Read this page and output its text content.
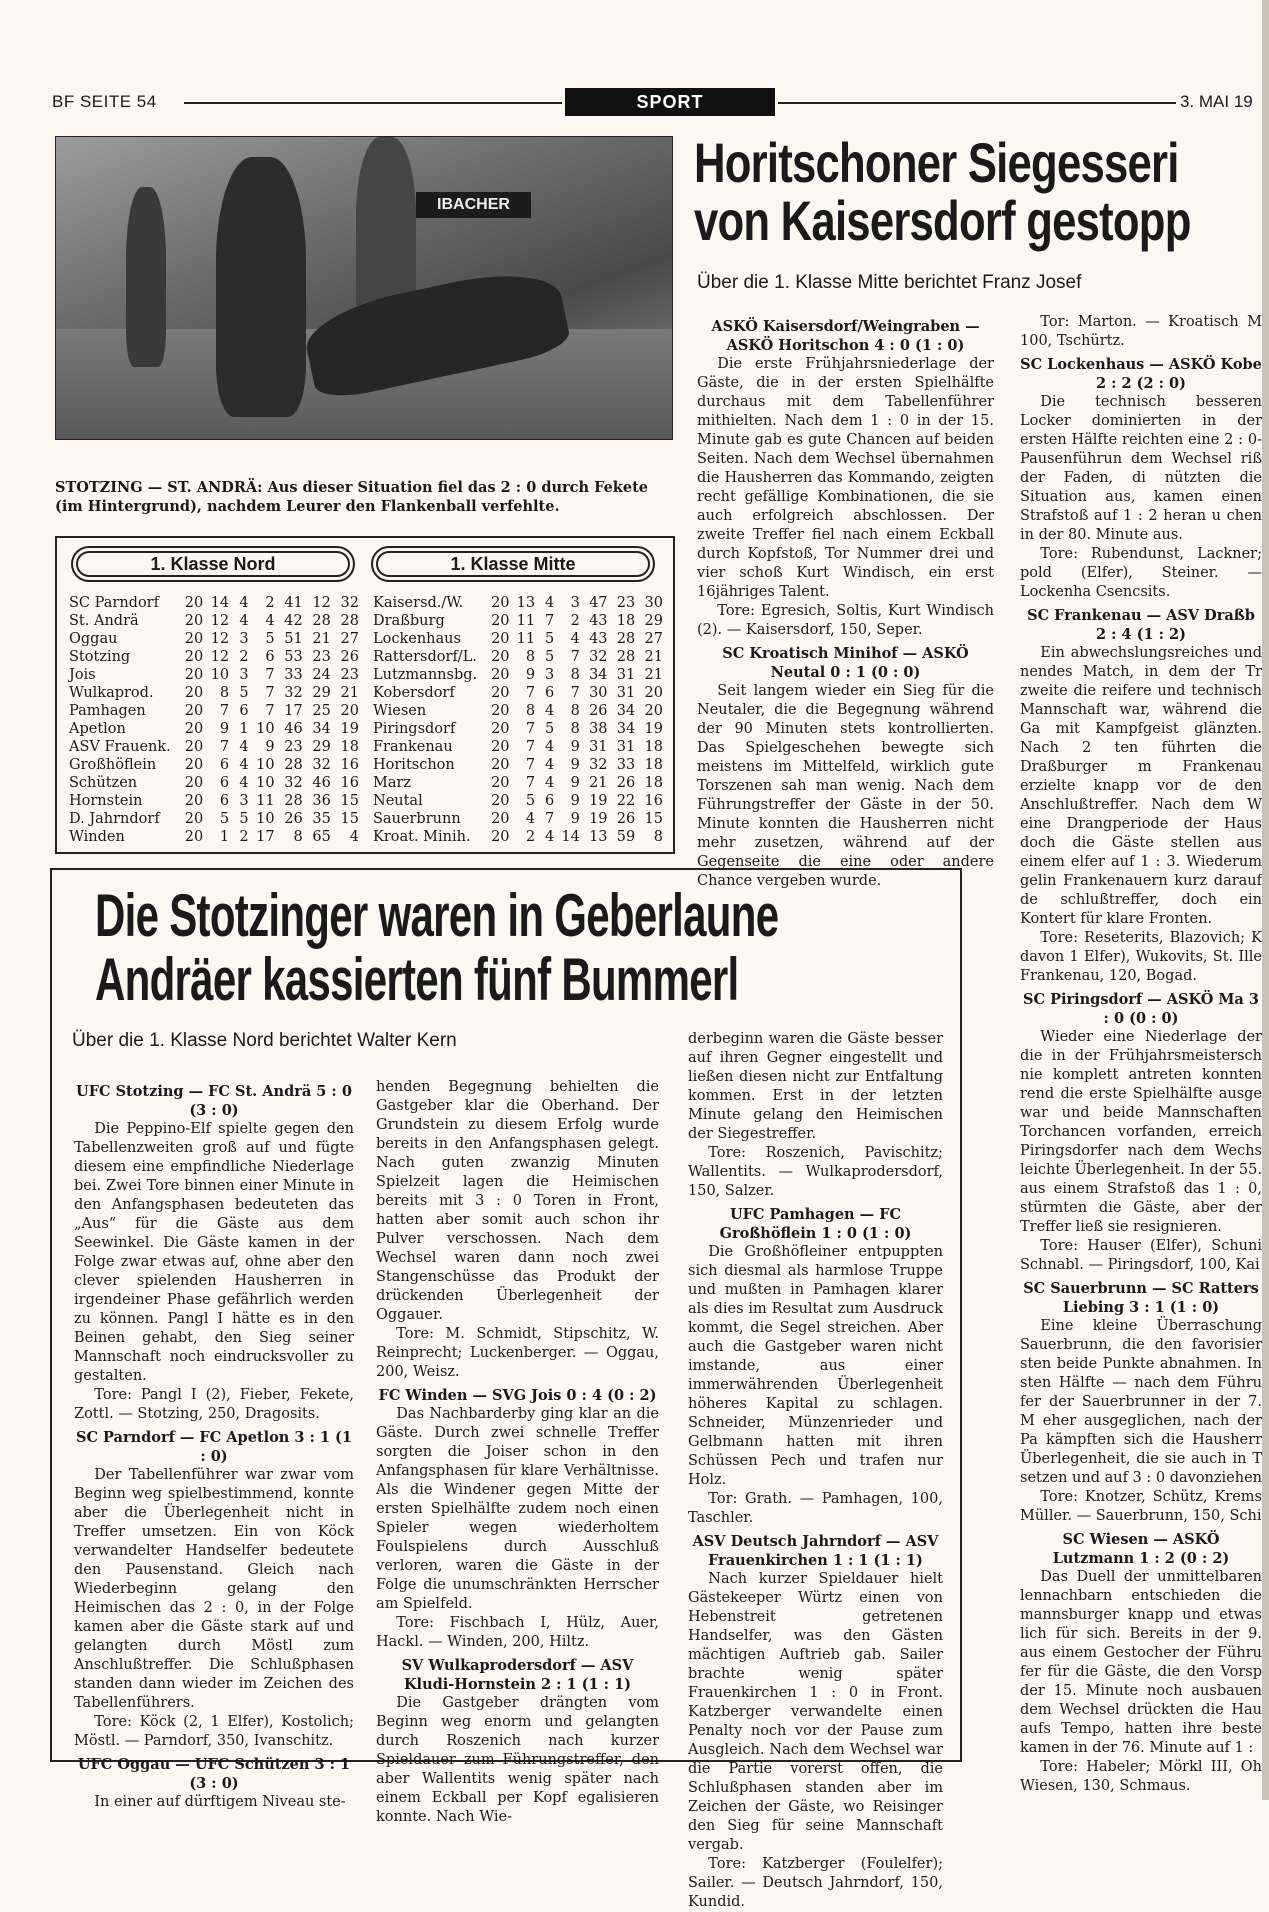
BF SEITE 54	SPORT	3. MAI 19
IBACHER
STOTZING — ST. ANDRÄ: Aus dieser Situation fiel das 2 : 0 durch Fekete (im Hintergrund), nachdem Leurer den Flankenball verfehlte.
1. Klasse Nord	1. Klasse Mitte
SC Parndorf	20	14	4	2	41	12	32
St. Andrä	20	12	4	4	42	28	28
Oggau	20	12	3	5	51	21	27
Stotzing	20	12	2	6	53	23	26
Jois	20	10	3	7	33	24	23
Wulkaprod.	20	8	5	7	32	29	21
Pamhagen	20	7	6	7	17	25	20
Apetlon	20	9	1	10	46	34	19
ASV Frauenk.	20	7	4	9	23	29	18
Großhöflein	20	6	4	10	28	32	16
Schützen	20	6	4	10	32	46	16
Hornstein	20	6	3	11	28	36	15
D. Jahrndorf	20	5	5	10	26	35	15
Winden	20	1	2	17	8	65	4
Kaisersd./W.	20	13	4	3	47	23	30
Draßburg	20	11	7	2	43	18	29
Lockenhaus	20	11	5	4	43	28	27
Rattersdorf/L.	20	8	5	7	32	28	21
Lutzmannsbg.	20	9	3	8	34	31	21
Kobersdorf	20	7	6	7	30	31	20
Wiesen	20	8	4	8	26	34	20
Piringsdorf	20	7	5	8	38	34	19
Frankenau	20	7	4	9	31	31	18
Horitschon	20	7	4	9	32	33	18
Marz	20	7	4	9	21	26	18
Neutal	20	5	6	9	19	22	16
Sauerbrunn	20	4	7	9	19	26	15
Kroat. Minih.	20	2	4	14	13	59	8
Horitschoner Siegesseri
von Kaisersdorf gestopp
Über die 1. Klasse Mitte berichtet Franz Josef

ASKÖ Kaisersdorf/Weingraben — ASKÖ Horitschon 4 : 0 (1 : 0)

Die erste Frühjahrsniederlage der Gäste, die in der ersten Spielhälfte durchaus mit dem Tabellenführer mithielten. Nach dem 1 : 0 in der 15. Minute gab es gute Chancen auf beiden Seiten. Nach dem Wechsel übernahmen die Hausherren das Kommando, zeigten recht gefällige Kombinationen, die sie auch erfolgreich abschlossen. Der zweite Treffer fiel nach einem Eckball durch Kopfstoß, Tor Nummer drei und vier schoß Kurt Windisch, ein erst 16jähriges Talent.

Tore: Egresich, Soltis, Kurt Windisch (2). — Kaisersdorf, 150, Seper.

SC Kroatisch Minihof — ASKÖ Neutal 0 : 1 (0 : 0)

Seit langem wieder ein Sieg für die Neutaler, die die Begegnung während der 90 Minuten stets kontrollierten. Das Spielgeschehen bewegte sich meistens im Mittelfeld, wirklich gute Torszenen sah man wenig. Nach dem Führungstreffer der Gäste in der 50. Minute konnten die Hausherren nicht mehr zusetzen, während auf der Gegenseite die eine oder andere Chance vergeben wurde.

Tor: Marton. — Kroatisch M 100, Tschürtz.

SC Lockenhaus — ASKÖ Kobe 2 : 2 (2 : 0)

Die technisch besseren Locker dominierten in der ersten Hälfte reichten eine 2 : 0-Pausenführun dem Wechsel riß der Faden, di nützten die Situation aus, kamen einen Strafstoß auf 1 : 2 heran u chen in der 80. Minute aus.

Tore: Rubendunst, Lackner; pold (Elfer), Steiner. — Lockenha Csencsits.

SC Frankenau — ASV Draßb 2 : 4 (1 : 2)

Ein abwechslungsreiches und nendes Match, in dem der Tr zweite die reifere und technisch Mannschaft war, während die Ga mit Kampfgeist glänzten. Nach 2 ten führten die Draßburger m Frankenau erzielte knapp vor de den Anschlußtreffer. Nach dem W eine Drangperiode der Haus doch die Gäste stellen aus einem elfer auf 1 : 3. Wiederum gelin Frankenauern kurz darauf de schlußtreffer, doch ein Kontert für klare Fronten.

Tore: Reseterits, Blazovich; K davon 1 Elfer), Wukovits, St. Ille Frankenau, 120, Bogad.

SC Piringsdorf — ASKÖ Ma 3 : 0 (0 : 0)

Wieder eine Niederlage der die in der Frühjahrsmeistersch nie komplett antreten konnten rend die erste Spielhälfte ausge war und beide Mannschaften Torchancen vorfanden, erreich Piringsdorfer nach dem Wechs leichte Überlegenheit. In der 55. aus einem Strafstoß das 1 : 0, stürmten die Gäste, aber der Treffer ließ sie resignieren.

Tore: Hauser (Elfer), Schuni Schnabl. — Piringsdorf, 100, Kai

SC Sauerbrunn — SC Ratters Liebing 3 : 1 (1 : 0)

Eine kleine Überraschung Sauerbrunn, die den favorisier sten beide Punkte abnahmen. In sten Hälfte — nach dem Führu fer der Sauerbrunner in der 7. M eher ausgeglichen, nach der Pa kämpften sich die Hausherr Überlegenheit, die sie auch in T setzen und auf 3 : 0 davonziehen

Tore: Knotzer, Schütz, Krems Müller. — Sauerbrunn, 150, Schi

SC Wiesen — ASKÖ Lutzmann 1 : 2 (0 : 2)

Das Duell der unmittelbaren lennachbarn entschieden die mannsburger knapp und etwas lich für sich. Bereits in der 9. aus einem Gestocher der Führu fer für die Gäste, die den Vorsp der 15. Minute noch ausbauen dem Wechsel drückten die Hau aufs Tempo, hatten ihre beste kamen in der 76. Minute auf 1 :

Tore: Habeler; Mörkl III, Oh Wiesen, 130, Schmaus.

Die Stotzinger waren in Geberlaune
Andräer kassierten fünf Bummerl
Über die 1. Klasse Nord berichtet Walter Kern

UFC Stotzing — FC St. Andrä 5 : 0 (3 : 0)

Die Peppino-Elf spielte gegen den Tabellenzweiten groß auf und fügte diesem eine empfindliche Niederlage bei. Zwei Tore binnen einer Minute in den Anfangsphasen bedeuteten das „Aus“ für die Gäste aus dem Seewinkel. Die Gäste kamen in der Folge zwar etwas auf, ohne aber den clever spielenden Hausherren in irgendeiner Phase gefährlich werden zu können. Pangl I hätte es in den Beinen gehabt, den Sieg seiner Mannschaft noch eindrucksvoller zu gestalten.

Tore: Pangl I (2), Fieber, Fekete, Zottl. — Stotzing, 250, Dragosits.

SC Parndorf — FC Apetlon 3 : 1 (1 : 0)

Der Tabellenführer war zwar vom Beginn weg spielbestimmend, konnte aber die Überlegenheit nicht in Treffer umsetzen. Ein von Köck verwandelter Handselfer bedeutete den Pausenstand. Gleich nach Wiederbeginn gelang den Heimischen das 2 : 0, in der Folge kamen aber die Gäste stark auf und gelangten durch Möstl zum Anschlußtreffer. Die Schlußphasen standen dann wieder im Zeichen des Tabellenführers.

Tore: Köck (2, 1 Elfer), Kostolich; Möstl. — Parndorf, 350, Ivanschitz.

UFC Oggau — UFC Schützen 3 : 1 (3 : 0)

In einer auf dürftigem Niveau ste-

henden Begegnung behielten die Gastgeber klar die Oberhand. Der Grundstein zu diesem Erfolg wurde bereits in den Anfangsphasen gelegt. Nach guten zwanzig Minuten Spielzeit lagen die Heimischen bereits mit 3 : 0 Toren in Front, hatten aber somit auch schon ihr Pulver verschossen. Nach dem Wechsel waren dann noch zwei Stangenschüsse das Produkt der drückenden Überlegenheit der Oggauer.

Tore: M. Schmidt, Stipschitz, W. Reinprecht; Luckenberger. — Oggau, 200, Weisz.

FC Winden — SVG Jois 0 : 4 (0 : 2)

Das Nachbarderby ging klar an die Gäste. Durch zwei schnelle Treffer sorgten die Joiser schon in den Anfangsphasen für klare Verhältnisse. Als die Windener gegen Mitte der ersten Spielhälfte zudem noch einen Spieler wegen wiederholtem Foulspielens durch Ausschluß verloren, waren die Gäste in der Folge die unumschränkten Herrscher am Spielfeld.

Tore: Fischbach I, Hülz, Auer, Hackl. — Winden, 200, Hiltz.

SV Wulkaprodersdorf — ASV Kludi-Hornstein 2 : 1 (1 : 1)

Die Gastgeber drängten vom Beginn weg enorm und gelangten durch Roszenich nach kurzer Spieldauer zum Führungstreffer, den aber Wallentits wenig später nach einem Eckball per Kopf egalisieren konnte. Nach Wie-

derbeginn waren die Gäste besser auf ihren Gegner eingestellt und ließen diesen nicht zur Entfaltung kommen. Erst in der letzten Minute gelang den Heimischen der Siegestreffer.

Tore: Roszenich, Pavischitz; Wallentits. — Wulkaprodersdorf, 150, Salzer.

UFC Pamhagen — FC Großhöflein 1 : 0 (1 : 0)

Die Großhöfleiner entpuppten sich diesmal als harmlose Truppe und mußten in Pamhagen klarer als dies im Resultat zum Ausdruck kommt, die Segel streichen. Aber auch die Gastgeber waren nicht imstande, aus einer immerwährenden Überlegenheit höheres Kapital zu schlagen. Schneider, Münzenrieder und Gelbmann hatten mit ihren Schüssen Pech und trafen nur Holz.

Tor: Grath. — Pamhagen, 100, Taschler.

ASV Deutsch Jahrndorf — ASV Frauenkirchen 1 : 1 (1 : 1)

Nach kurzer Spieldauer hielt Gästekeeper Würtz einen von Hebenstreit getretenen Handselfer, was den Gästen mächtigen Auftrieb gab. Sailer brachte wenig später Frauenkirchen 1 : 0 in Front. Katzberger verwandelte einen Penalty noch vor der Pause zum Ausgleich. Nach dem Wechsel war die Partie vorerst offen, die Schlußphasen standen aber im Zeichen der Gäste, wo Reisinger den Sieg für seine Mannschaft vergab.

Tore: Katzberger (Foulelfer); Sailer. — Deutsch Jahrndorf, 150, Kundid.
